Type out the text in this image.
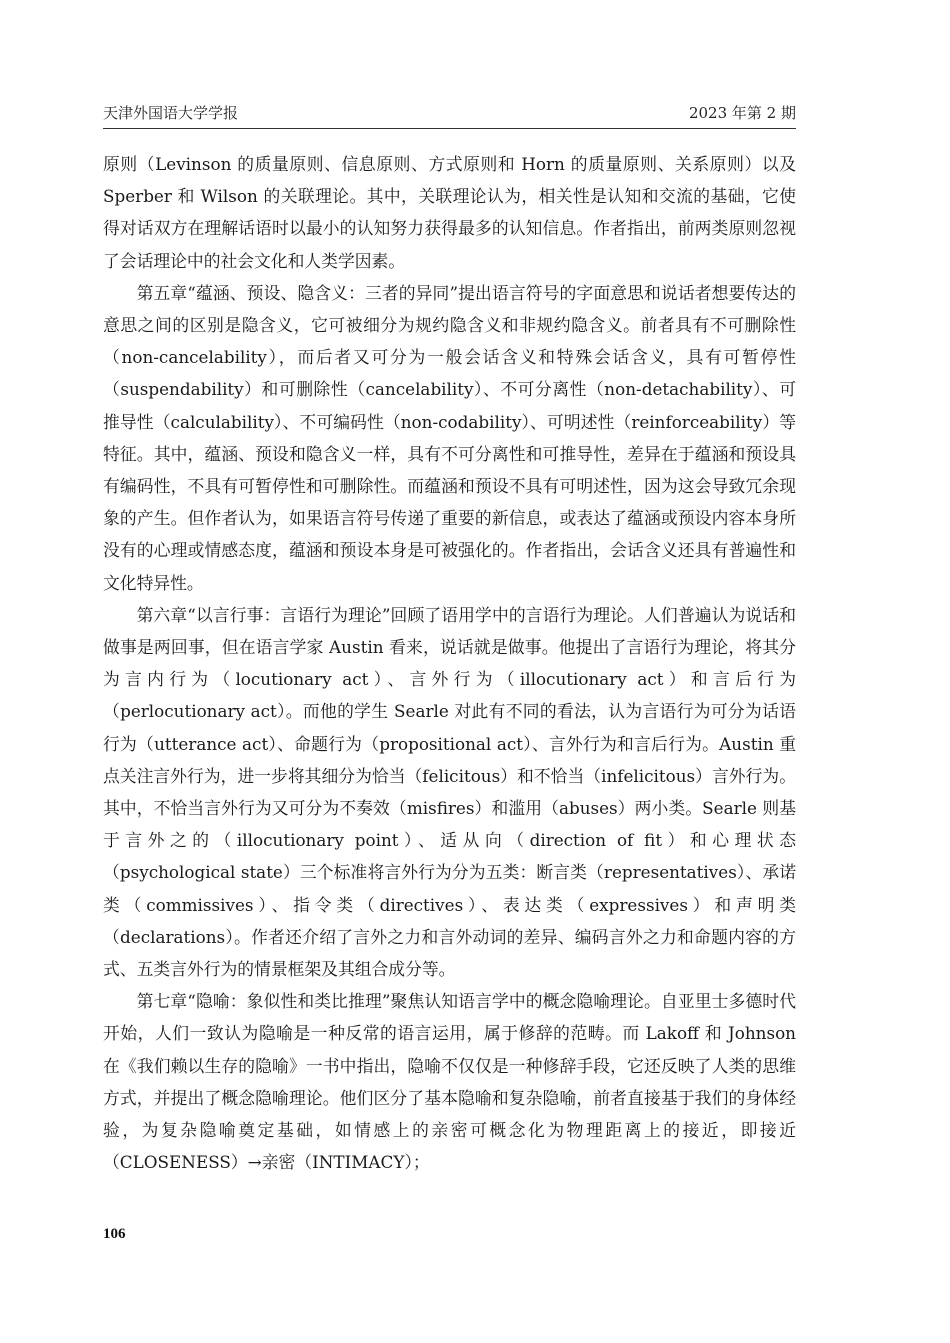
天津外国语大学学报	2023 年第 2 期

原则（Levinson 的质量原则、信息原则、方式原则和 Horn 的质量原则、关系原则）以及 Sperber 和 Wilson 的关联理论。其中，关联理论认为，相关性是认知和交流的基础，它使得对话双方在理解话语时以最小的认知努力获得最多的认知信息。作者指出，前两类原则忽视了会话理论中的社会文化和人类学因素。

第五章“蕴涵、预设、隐含义：三者的异同”提出语言符号的字面意思和说话者想要传达的意思之间的区别是隐含义，它可被细分为规约隐含义和非规约隐含义。前者具有不可删除性（non-cancelability），而后者又可分为一般会话含义和特殊会话含义，具有可暂停性（suspendability）和可删除性（cancelability）、不可分离性（non-detachability）、可推导性（calculability）、不可编码性（non-codability）、可明述性（reinforceability）等特征。其中，蕴涵、预设和隐含义一样，具有不可分离性和可推导性，差异在于蕴涵和预设具有编码性，不具有可暂停性和可删除性。而蕴涵和预设不具有可明述性，因为这会导致冗余现象的产生。但作者认为，如果语言符号传递了重要的新信息，或表达了蕴涵或预设内容本身所没有的心理或情感态度，蕴涵和预设本身是可被强化的。作者指出，会话含义还具有普遍性和文化特异性。

第六章“以言行事：言语行为理论”回顾了语用学中的言语行为理论。人们普遍认为说话和做事是两回事，但在语言学家 Austin 看来，说话就是做事。他提出了言语行为理论，将其分为言内行为（locutionary act）、言外行为（illocutionary act）和言后行为（perlocutionary act）。而他的学生 Searle 对此有不同的看法，认为言语行为可分为话语行为（utterance act）、命题行为（propositional act）、言外行为和言后行为。Austin 重点关注言外行为，进一步将其细分为恰当（felicitous）和不恰当（infelicitous）言外行为。其中，不恰当言外行为又可分为不奏效（misfires）和滥用（abuses）两小类。Searle 则基于言外之的（illocutionary point）、适从向（direction of fit）和心理状态（psychological state）三个标准将言外行为分为五类：断言类（representatives）、承诺类（commissives）、指令类（directives）、表达类（expressives）和声明类（declarations）。作者还介绍了言外之力和言外动词的差异、编码言外之力和命题内容的方式、五类言外行为的情景框架及其组合成分等。

第七章“隐喻：象似性和类比推理”聚焦认知语言学中的概念隐喻理论。自亚里士多德时代开始，人们一致认为隐喻是一种反常的语言运用，属于修辞的范畴。而 Lakoff 和 Johnson 在《我们赖以生存的隐喻》一书中指出，隐喻不仅仅是一种修辞手段，它还反映了人类的思维方式，并提出了概念隐喻理论。他们区分了基本隐喻和复杂隐喻，前者直接基于我们的身体经验，为复杂隐喻奠定基础，如情感上的亲密可概念化为物理距离上的接近，即接近（CLOSENESS）→亲密（INTIMACY）；

106
